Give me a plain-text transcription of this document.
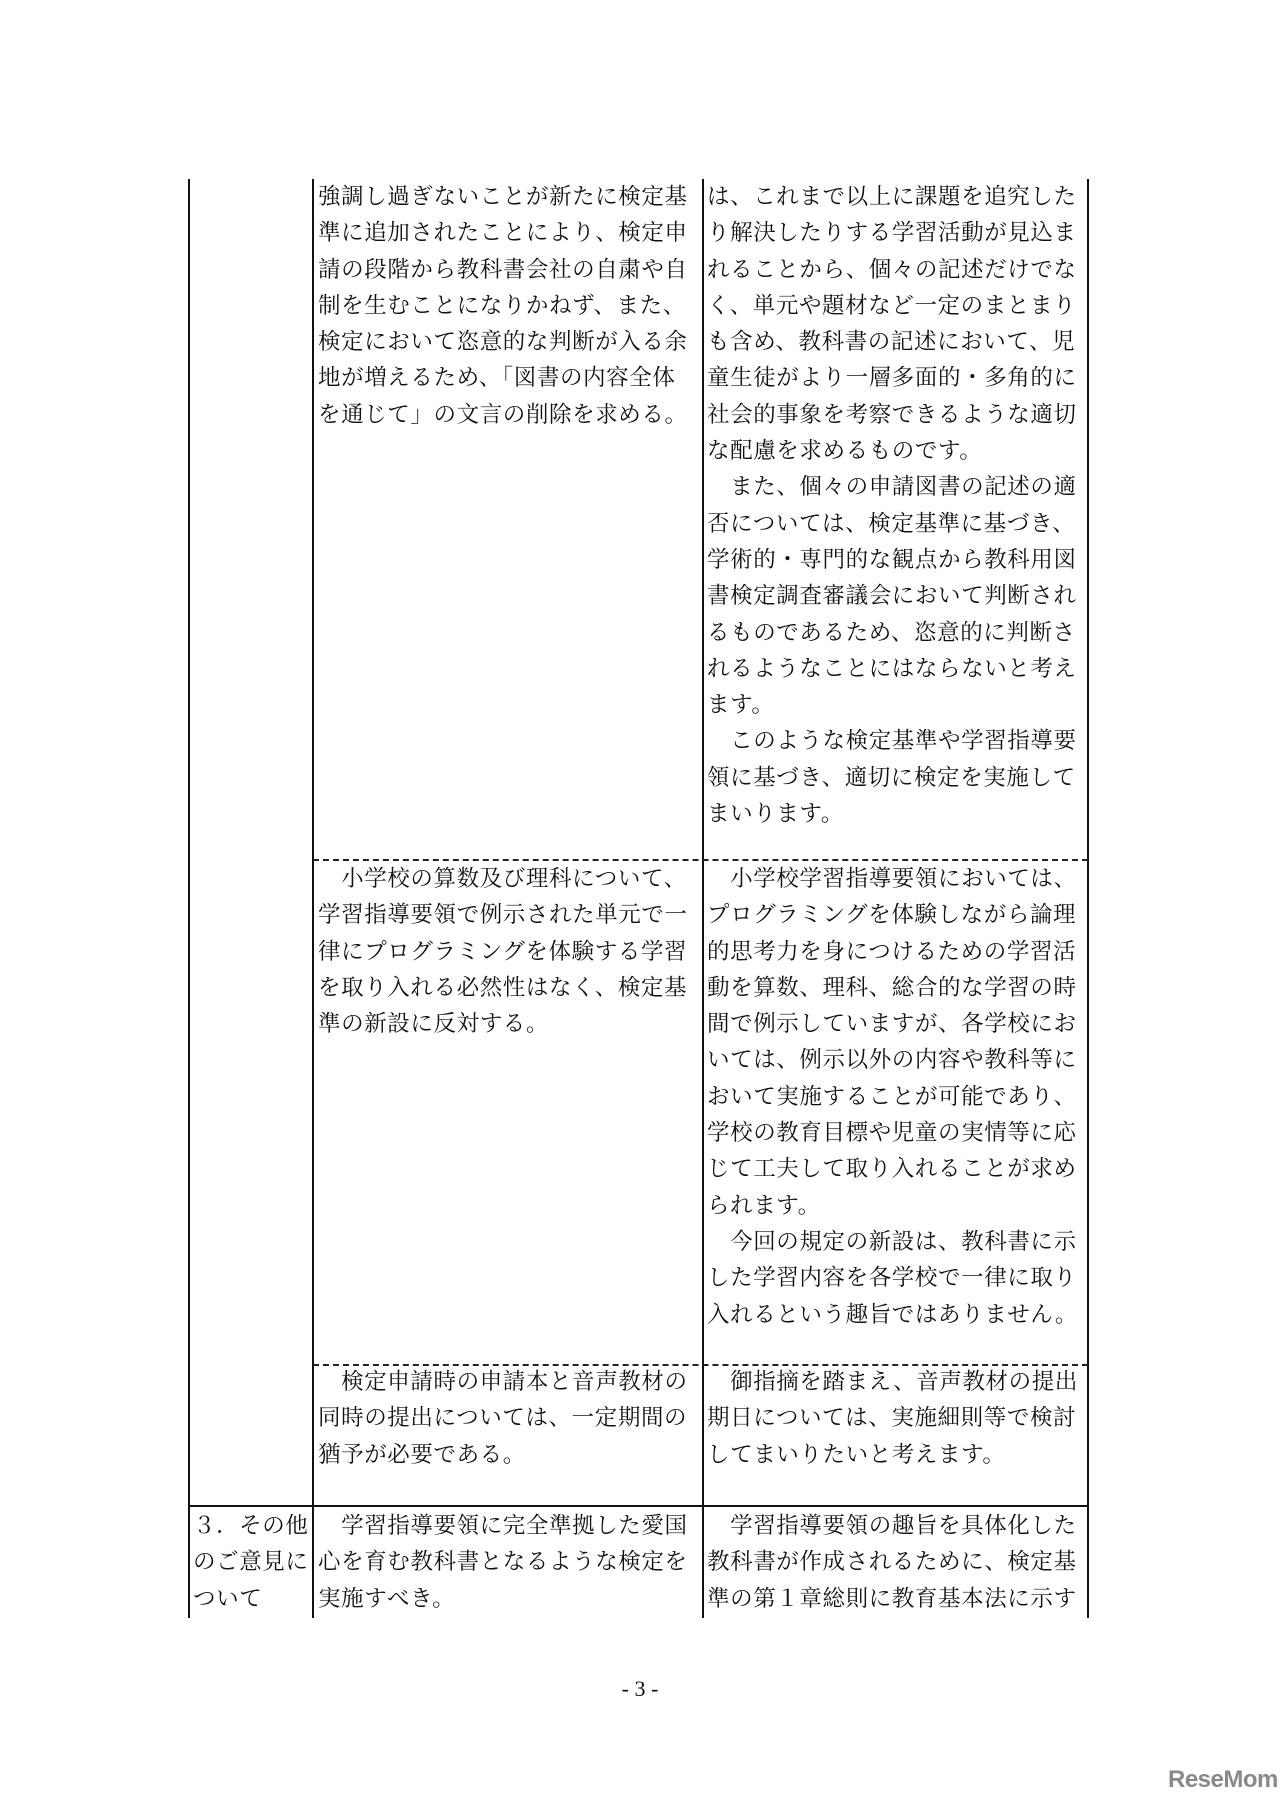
強調し過ぎないことが新たに検定基
準に追加されたことにより、検定申
請の段階から教科書会社の自粛や自
制を生むことになりかねず、また、
検定において恣意的な判断が入る余
地が増えるため、「図書の内容全体
を通じて」の文言の削除を求める。
は、これまで以上に課題を追究した
り解決したりする学習活動が見込ま
れることから、個々の記述だけでな
く、単元や題材など一定のまとまり
も含め、教科書の記述において、児
童生徒がより一層多面的・多角的に
社会的事象を考察できるような適切
な配慮を求めるものです。
　また、個々の申請図書の記述の適
否については、検定基準に基づき、
学術的・専門的な観点から教科用図
書検定調査審議会において判断され
るものであるため、恣意的に判断さ
れるようなことにはならないと考え
ます。
　このような検定基準や学習指導要
領に基づき、適切に検定を実施して
まいります。
　小学校の算数及び理科について、
学習指導要領で例示された単元で一
律にプログラミングを体験する学習
を取り入れる必然性はなく、検定基
準の新設に反対する。
　小学校学習指導要領においては、
プログラミングを体験しながら論理
的思考力を身につけるための学習活
動を算数、理科、総合的な学習の時
間で例示していますが、各学校にお
いては、例示以外の内容や教科等に
おいて実施することが可能であり、
学校の教育目標や児童の実情等に応
じて工夫して取り入れることが求め
られます。
　今回の規定の新設は、教科書に示
した学習内容を各学校で一律に取り
入れるという趣旨ではありません。
　検定申請時の申請本と音声教材の
同時の提出については、一定期間の
猶予が必要である。
　御指摘を踏まえ、音声教材の提出
期日については、実施細則等で検討
してまいりたいと考えます。
３．その他
のご意見に
ついて
　学習指導要領に完全準拠した愛国
心を育む教科書となるような検定を
実施すべき。
　学習指導要領の趣旨を具体化した
教科書が作成されるために、検定基
準の第１章総則に教育基本法に示す
- 3 -
ReseMom
